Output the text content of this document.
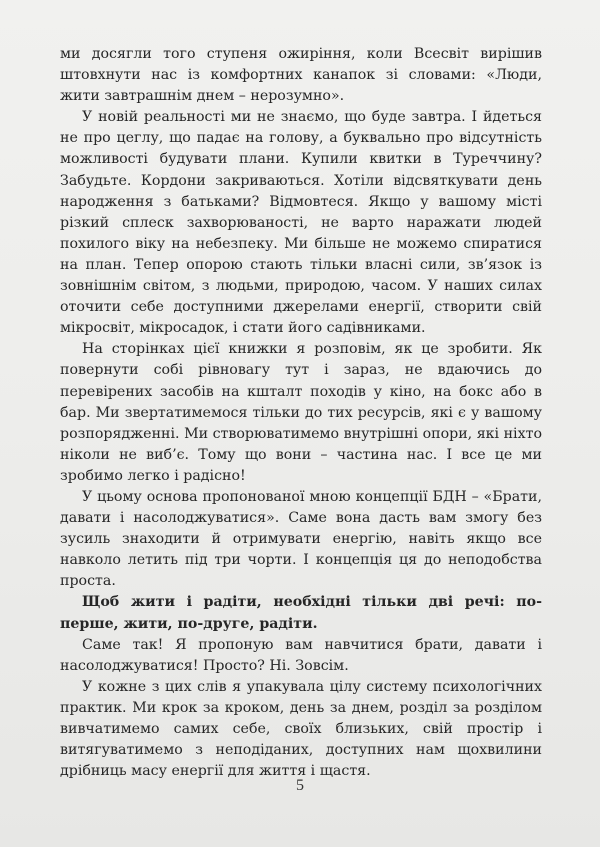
ми досягли того ступеня ожиріння, коли Всесвіт вирішив штовхнути нас із комфортних канапок зі словами: «Люди, жити завтрашнім днем – нерозумно».

У новій реальності ми не знаємо, що буде завтра. І йдеться не про цеглу, що падає на голову, а буквально про відсутність можливості будувати плани. Купили квитки в Туреччину? Забудьте. Кордони закриваються. Хотіли відсвяткувати день народження з батьками? Відмовтеся. Якщо у вашому місті різкий сплеск захворюваності, не варто наражати людей похилого віку на небезпеку. Ми більше не можемо спиратися на план. Тепер опорою стають тільки власні сили, зв’язок із зовнішнім світом, з людьми, природою, часом. У наших силах оточити себе доступними джерелами енергії, створити свій мікросвіт, мікросадок, і стати його садівниками.

На сторінках цієї книжки я розповім, як це зробити. Як повернути собі рівновагу тут і зараз, не вдаючись до перевірених засобів на кшталт походів у кіно, на бокс або в бар. Ми звертатимемося тільки до тих ресурсів, які є у вашому розпорядженні. Ми створюватимемо внутрішні опори, які ніхто ніколи не виб’є. Тому що вони – частина нас. І все це ми зробимо легко і радісно!

У цьому основа пропонованої мною концепції БДН – «Брати, давати і насолоджуватися». Саме вона дасть вам змогу без зусиль знаходити й отримувати енергію, навіть якщо все навколо летить під три чорти. І концепція ця до неподобства проста.

Щоб жити і радіти, необхідні тільки дві речі: по-перше, жити, по-друге, радіти.

Саме так! Я пропоную вам навчитися брати, давати і насолоджуватися! Просто? Ні. Зовсім.

У кожне з цих слів я упакувала цілу систему психологічних практик. Ми крок за кроком, день за днем, розділ за розділом вивчатимемо самих себе, своїх близьких, свій простір і витягуватимемо з неподіданих, доступних нам щохвилини дрібниць масу енергії для життя і щастя.

5
